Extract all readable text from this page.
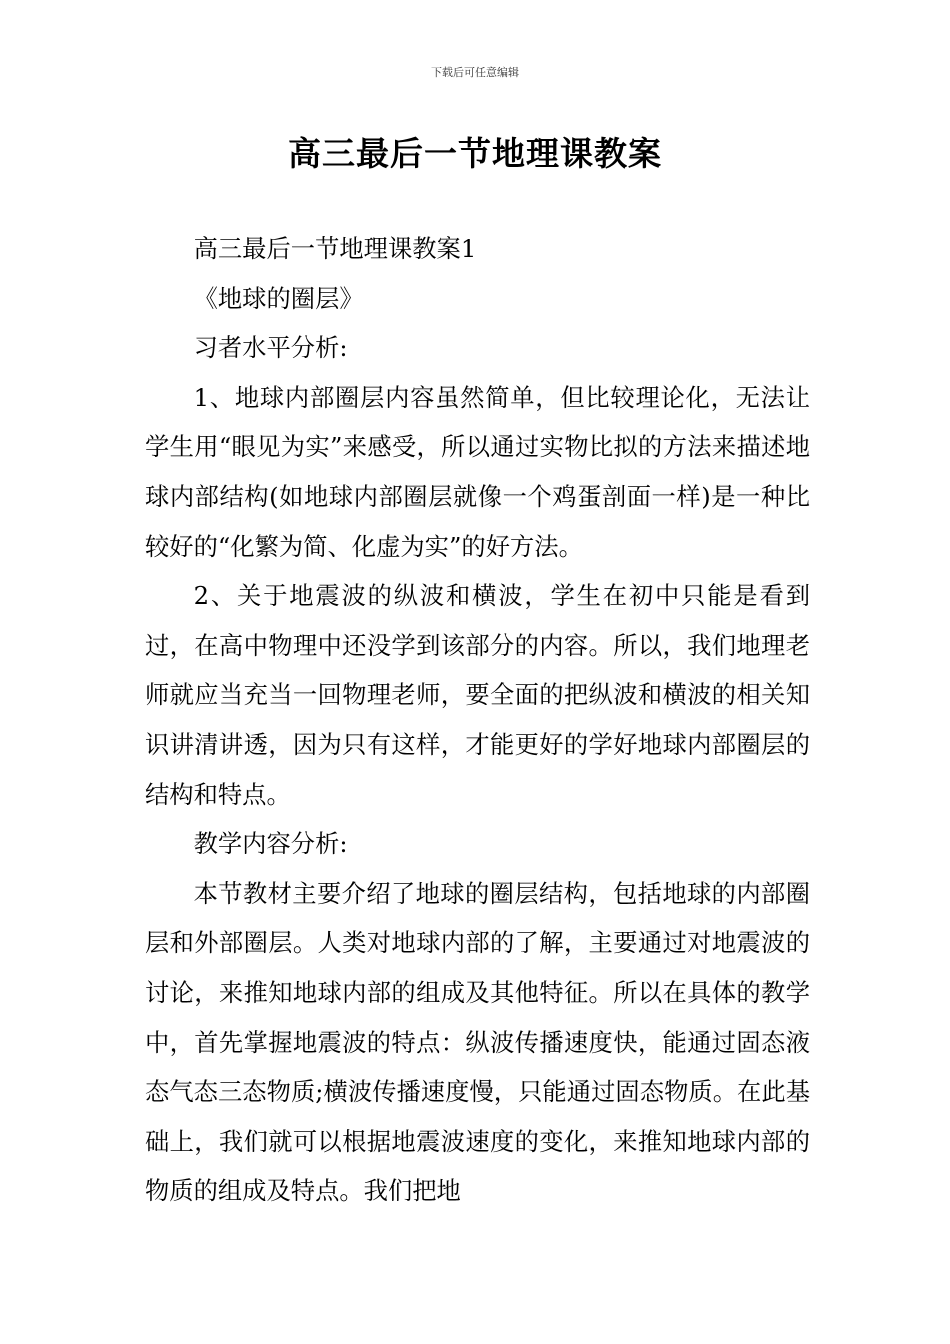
下载后可任意编辑
高三最后一节地理课教案

高三最后一节地理课教案1

《地球的圈层》

习者水平分析:

1、地球内部圈层内容虽然简单，但比较理论化，无法让学生用“眼见为实”来感受，所以通过实物比拟的方法来描述地球内部结构(如地球内部圈层就像一个鸡蛋剖面一样)是一种比较好的“化繁为简、化虚为实”的好方法。

2、关于地震波的纵波和横波，学生在初中只能是看到过，在高中物理中还没学到该部分的内容。所以，我们地理老师就应当充当一回物理老师，要全面的把纵波和横波的相关知识讲清讲透，因为只有这样，才能更好的学好地球内部圈层的结构和特点。

教学内容分析:

本节教材主要介绍了地球的圈层结构，包括地球的内部圈层和外部圈层。人类对地球内部的了解，主要通过对地震波的讨论，来推知地球内部的组成及其他特征。所以在具体的教学中，首先掌握地震波的特点：纵波传播速度快，能通过固态液态气态三态物质;横波传播速度慢，只能通过固态物质。在此基础上，我们就可以根据地震波速度的变化，来推知地球内部的物质的组成及特点。我们把地
